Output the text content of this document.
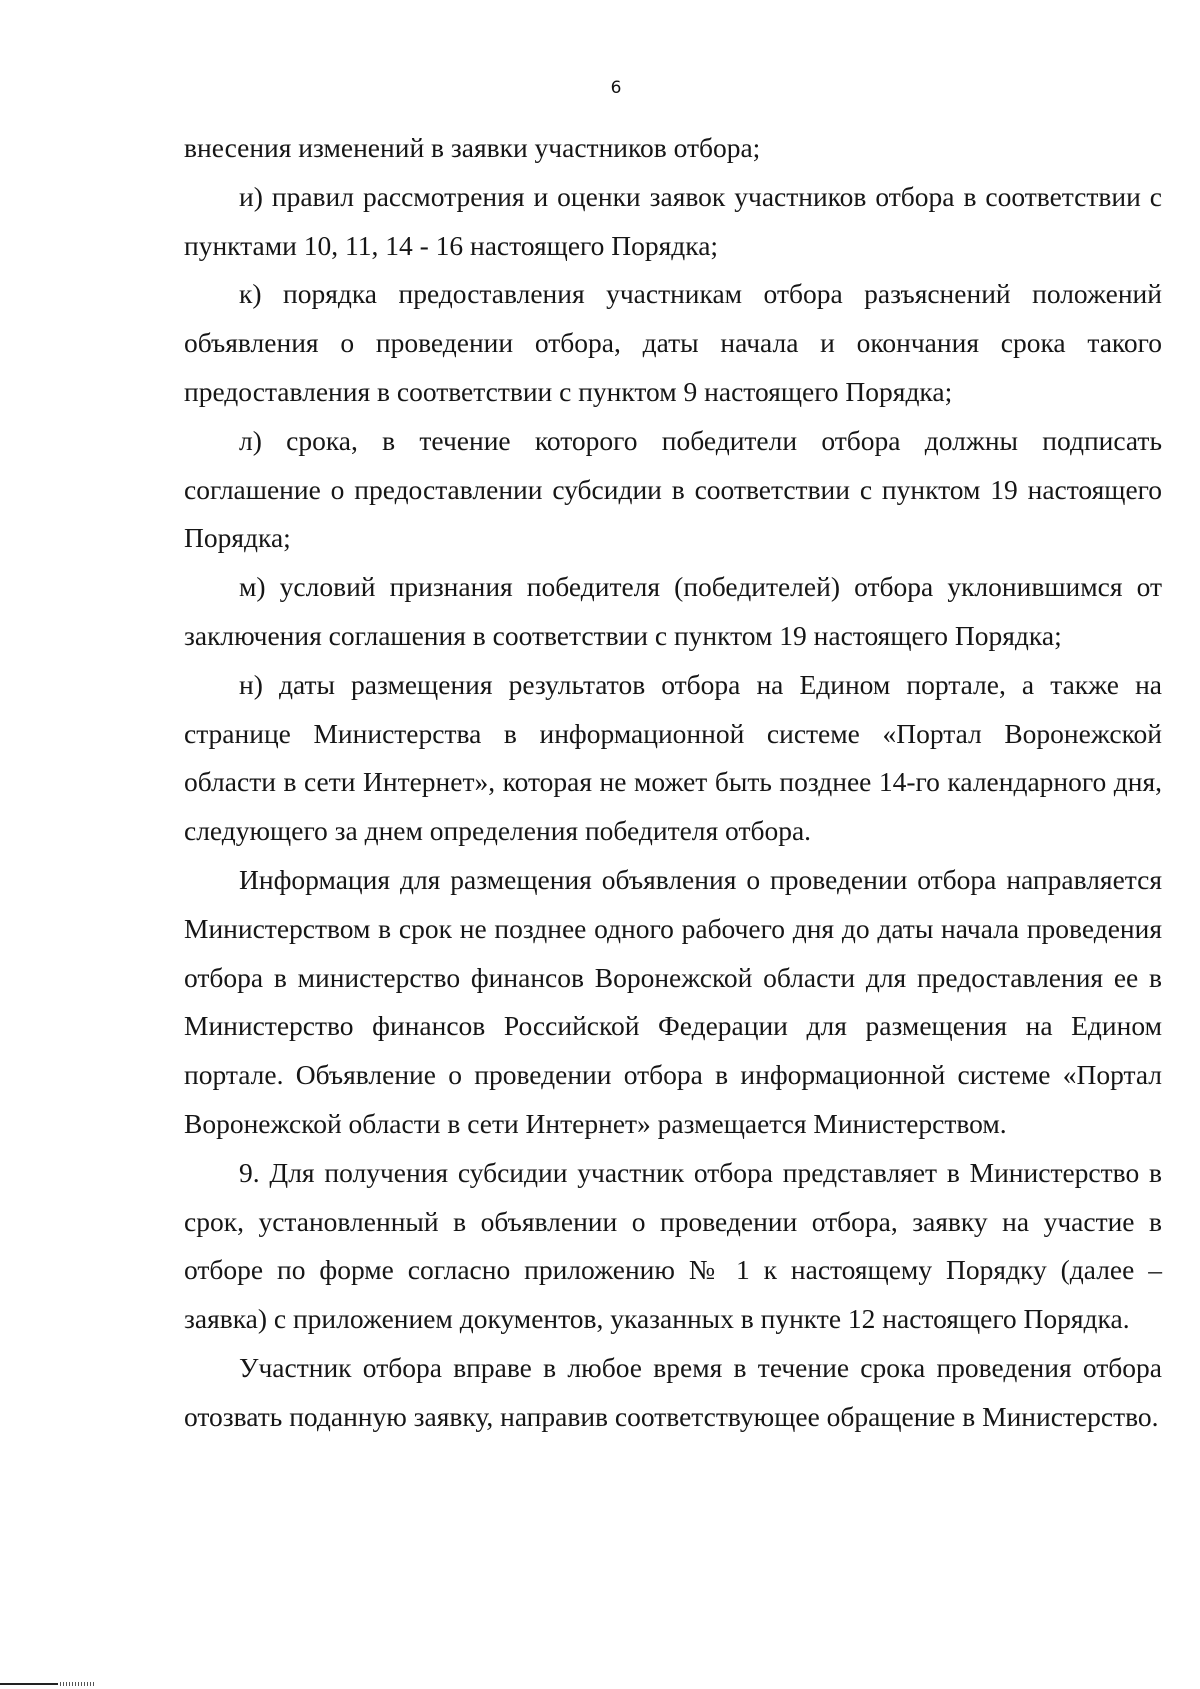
6

внесения изменений в заявки участников отбора;

и) правил рассмотрения и оценки заявок участников отбора в соответствии с пунктами 10, 11, 14 - 16 настоящего Порядка;

к) порядка предоставления участникам отбора разъяснений положений объявления о проведении отбора, даты начала и окончания срока такого предоставления в соответствии с пунктом 9 настоящего Порядка;

л) срока, в течение которого победители отбора должны подписать соглашение о предоставлении субсидии в соответствии с пунктом 19 настоящего Порядка;

м) условий признания победителя (победителей) отбора уклонившимся от заключения соглашения в соответствии с пунктом 19 настоящего Порядка;

н) даты размещения результатов отбора на Едином портале, а также на странице Министерства в информационной системе «Портал Воронежской области в сети Интернет», которая не может быть позднее 14-го календарного дня, следующего за днем определения победителя отбора.

Информация для размещения объявления о проведении отбора направляется Министерством в срок не позднее одного рабочего дня до даты начала проведения отбора в министерство финансов Воронежской области для предоставления ее в Министерство финансов Российской Федерации для размещения на Едином портале. Объявление о проведении отбора в информационной системе «Портал Воронежской области в сети Интернет» размещается Министерством.

9. Для получения субсидии участник отбора представляет в Министерство в срок, установленный в объявлении о проведении отбора, заявку на участие в отборе по форме согласно приложению № 1 к настоящему Порядку (далее – заявка) с приложением документов, указанных в пункте 12 настоящего Порядка.

Участник отбора вправе в любое время в течение срока проведения отбора отозвать поданную заявку, направив соответствующее обращение в Министерство.
